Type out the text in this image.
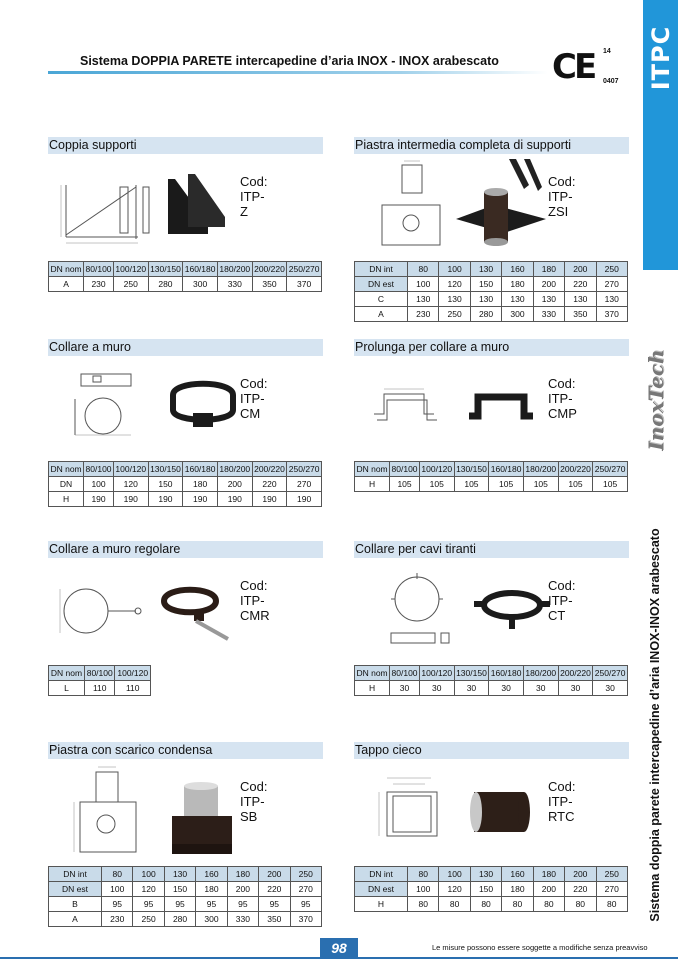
Sistema DOPPIA PARETE intercapedine d’aria INOX - INOX arabescato CE 14
0407 ITPC
InoxTech
Sistema doppia parete intercapedine d’aria INOX-INOX arabescato
Coppia supporti
Cod:
ITP-Z
DN nom	80/100	100/120	130/150	160/180	180/200	200/220	250/270
A	230	250	280	300	330	350	370
Piastra intermedia completa di supporti
Cod:
ITP-ZSI
DN int	80	100	130	160	180	200	250
DN est	100	120	150	180	200	220	270
C	130	130	130	130	130	130	130
A	230	250	280	300	330	350	370
Collare a muro
Cod:
ITP-CM
DN nom	80/100	100/120	130/150	160/180	180/200	200/220	250/270
DN	100	120	150	180	200	220	270
H	190	190	190	190	190	190	190
Prolunga per collare a muro
Cod:
ITP-CMP
DN nom	80/100	100/120	130/150	160/180	180/200	200/220	250/270
H	105	105	105	105	105	105	105
Collare a muro regolare
Cod:
ITP-CMR
DN nom	80/100	100/120
L	110	110
Collare per cavi tiranti
Cod:
ITP-CT
DN nom	80/100	100/120	130/150	160/180	180/200	200/220	250/270
H	30	30	30	30	30	30	30
Piastra con scarico condensa
Cod:
ITP-SB
DN int	80	100	130	160	180	200	250
DN est	100	120	150	180	200	220	270
B	95	95	95	95	95	95	95
A	230	250	280	300	330	350	370
Tappo cieco
Cod:
ITP-RTC
DN int	80	100	130	160	180	200	250
DN est	100	120	150	180	200	220	270
H	80	80	80	80	80	80	80
98	Le misure possono essere soggette a modifiche senza preavviso
